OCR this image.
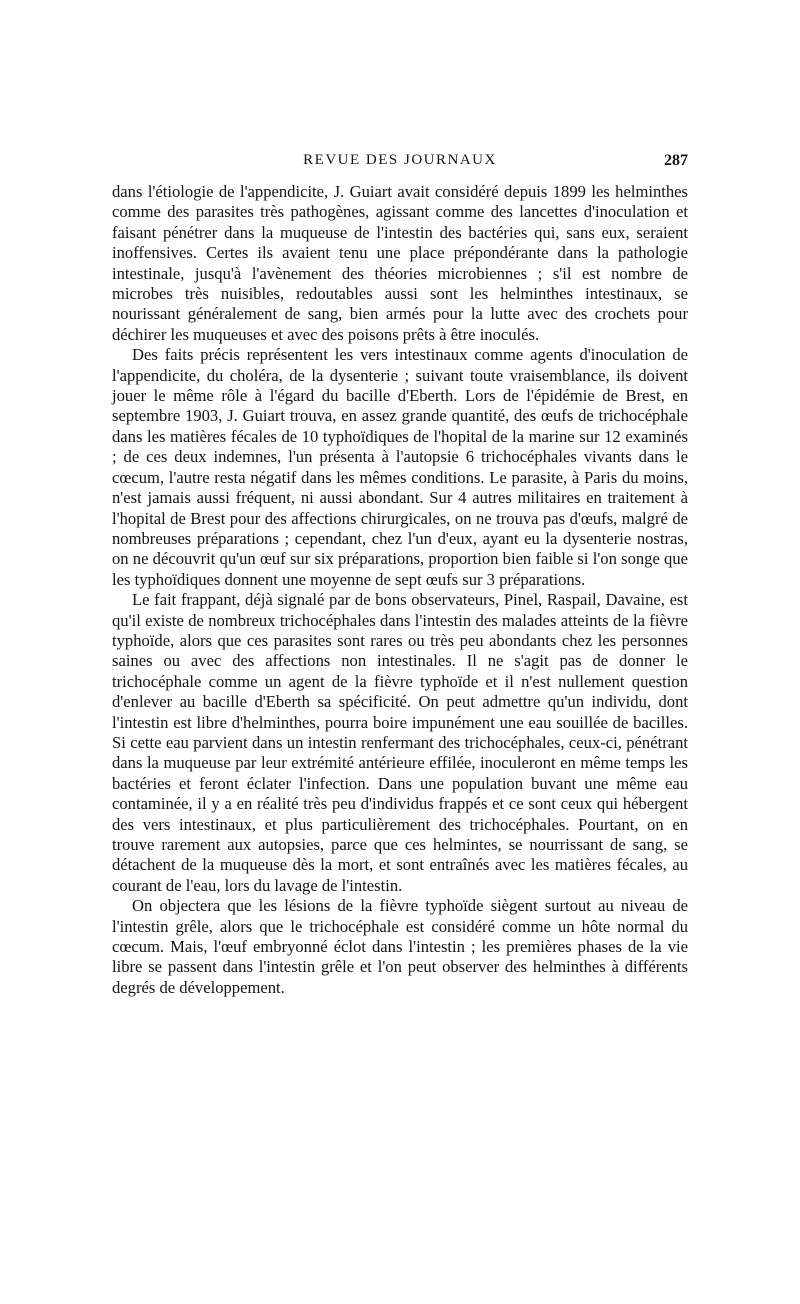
REVUE DES JOURNAUX	287

dans l'étiologie de l'appendicite, J. Guiart avait considéré depuis 1899 les helminthes comme des parasites très pathogènes, agissant comme des lancettes d'inoculation et faisant pénétrer dans la muqueuse de l'intestin des bactéries qui, sans eux, seraient inoffensives. Certes ils avaient tenu une place prépondérante dans la pathologie intestinale, jusqu'à l'avènement des théories microbiennes ; s'il est nombre de microbes très nuisibles, redoutables aussi sont les helminthes intestinaux, se nourissant généralement de sang, bien armés pour la lutte avec des crochets pour déchirer les muqueuses et avec des poisons prêts à être inoculés.

Des faits précis représentent les vers intestinaux comme agents d'inoculation de l'appendicite, du choléra, de la dysenterie ; suivant toute vraisemblance, ils doivent jouer le même rôle à l'égard du bacille d'Eberth. Lors de l'épidémie de Brest, en septembre 1903, J. Guiart trouva, en assez grande quantité, des œufs de trichocéphale dans les matières fécales de 10 typhoïdiques de l'hopital de la marine sur 12 examinés ; de ces deux indemnes, l'un présenta à l'autopsie 6 trichocéphales vivants dans le cœcum, l'autre resta négatif dans les mêmes conditions. Le parasite, à Paris du moins, n'est jamais aussi fréquent, ni aussi abondant. Sur 4 autres militaires en traitement à l'hopital de Brest pour des affections chirurgicales, on ne trouva pas d'œufs, malgré de nombreuses préparations ; cependant, chez l'un d'eux, ayant eu la dysenterie nostras, on ne découvrit qu'un œuf sur six préparations, proportion bien faible si l'on songe que les typhoïdiques donnent une moyenne de sept œufs sur 3 préparations.

Le fait frappant, déjà signalé par de bons observateurs, Pinel, Raspail, Davaine, est qu'il existe de nombreux trichocéphales dans l'intestin des malades atteints de la fièvre typhoïde, alors que ces parasites sont rares ou très peu abondants chez les personnes saines ou avec des affections non intestinales. Il ne s'agit pas de donner le trichocéphale comme un agent de la fièvre typhoïde et il n'est nullement question d'enlever au bacille d'Eberth sa spécificité. On peut admettre qu'un individu, dont l'intestin est libre d'helminthes, pourra boire impunément une eau souillée de bacilles. Si cette eau parvient dans un intestin renfermant des trichocéphales, ceux-ci, pénétrant dans la muqueuse par leur extrémité antérieure effilée, inoculeront en même temps les bactéries et feront éclater l'infection. Dans une population buvant une même eau contaminée, il y a en réalité très peu d'individus frappés et ce sont ceux qui hébergent des vers intestinaux, et plus particulièrement des trichocéphales. Pourtant, on en trouve rarement aux autopsies, parce que ces helmintes, se nourrissant de sang, se détachent de la muqueuse dès la mort, et sont entraînés avec les matières fécales, au courant de l'eau, lors du lavage de l'intestin.

On objectera que les lésions de la fièvre typhoïde siègent surtout au niveau de l'intestin grêle, alors que le trichocéphale est considéré comme un hôte normal du cœcum. Mais, l'œuf embryonné éclot dans l'intestin ; les premières phases de la vie libre se passent dans l'intestin grêle et l'on peut observer des helminthes à différents degrés de développement.
